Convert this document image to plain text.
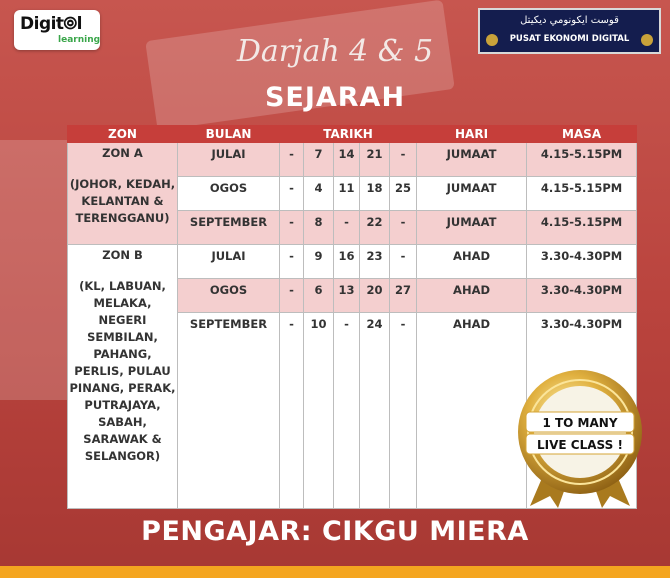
Digit⦾l
learning
قوست ايكونومي ديكيتل
PUSAT EKONOMI DIGITAL
Darjah 4 & 5
SEJARAH
ZON	BULAN	TARIKH					HARI	MASA

ZON A
(JOHOR, KEDAH, KELANTAN & TERENGGANU)	JULAI	-	7	14	21	-	JUMAAT	4.15-5.15PM
	OGOS	-	4	11	18	25	JUMAAT	4.15-5.15PM
	SEPTEMBER	-	8	-	22	-	JUMAAT	4.15-5.15PM

ZON B
(KL, LABUAN, MELAKA, NEGERI SEMBILAN, PAHANG, PERLIS, PULAU PINANG, PERAK, PUTRAJAYA, SABAH, SARAWAK & SELANGOR)	JULAI	-	9	16	23	-	AHAD	3.30-4.30PM
	OGOS	-	6	13	20	27	AHAD	3.30-4.30PM
	SEPTEMBER	-	10	-	24	-	AHAD	3.30-4.30PM
1 TO MANY
LIVE CLASS !
PENGAJAR: CIKGU MIERA
